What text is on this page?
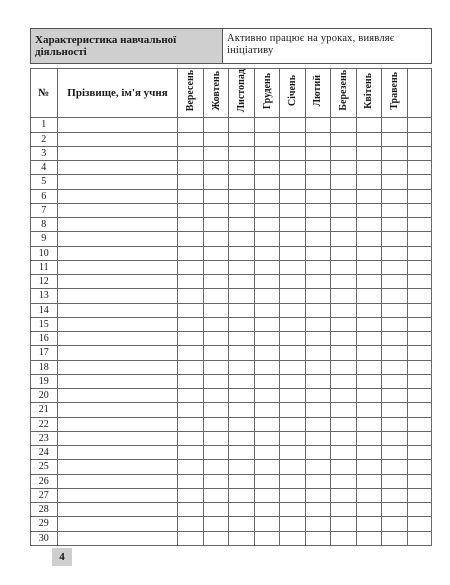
Характеристика навчальної діяльності
Активно працює на уроках, виявляє ініціативу
№	Прізвище, ім'я учня	Вересень	Жовтень	Листопад	Грудень	Січень	Лютий	Березень	Квітень	Травень	
1											
2											
3											
4											
5											
6											
7											
8											
9											
10											
11											
12											
13											
14											
15											
16											
17											
18											
19											
20											
21											
22											
23											
24											
25											
26											
27											
28											
29											
30											
4
